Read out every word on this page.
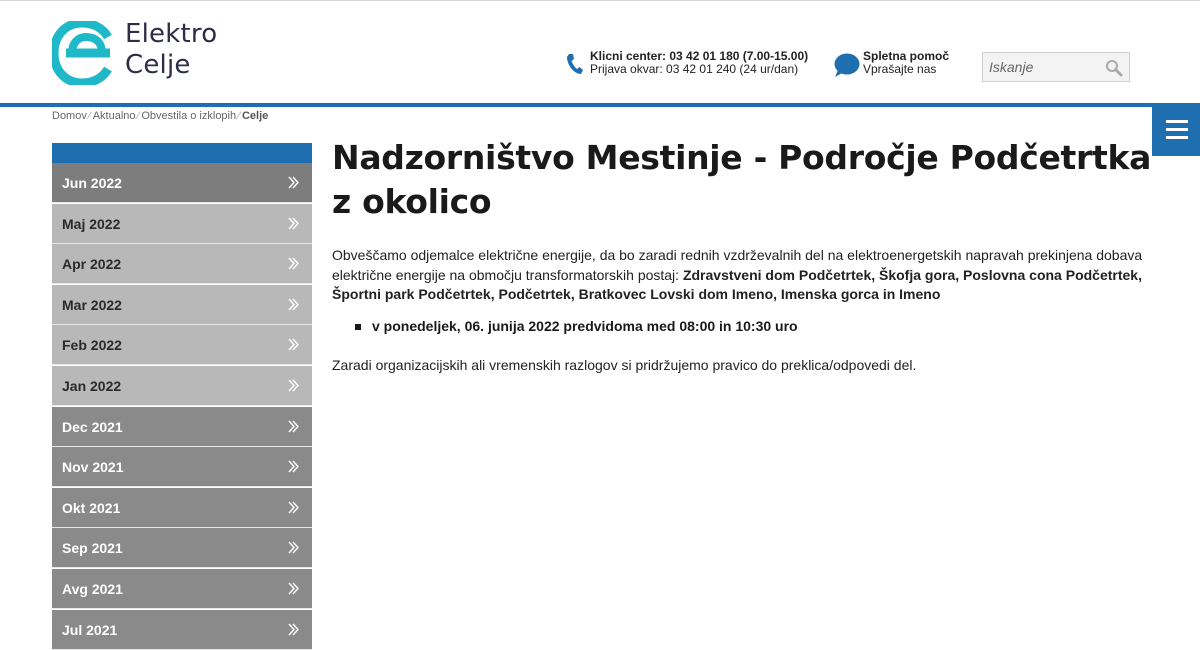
Elektro
Celje	Klicni center: 03 42 01 180 (7.00-15.00)
Prijava okvar: 03 42 01 240 (24 ur/dan)
Spletna pomoč
Vprašajte nas
Iskanje
Domov ⁄ Aktualno ⁄ Obvestila o izklopih ⁄ Celje
Jun 2022
Maj 2022
Apr 2022
Mar 2022
Feb 2022
Jan 2022
Dec 2021
Nov 2021
Okt 2021
Sep 2021
Avg 2021
Jul 2021
Nadzorništvo Mestinje - Področje Podčetrtka z okolico

Obveščamo odjemalce električne energije, da bo zaradi rednih vzdrževalnih del na elektroenergetskih napravah prekinjena dobava električne energije na območju transformatorskih postaj: Zdravstveni dom Podčetrtek, Škofja gora, Poslovna cona Podčetrtek, Športni park Podčetrtek, Podčetrtek, Bratkovec Lovski dom Imeno, Imenska gorca in Imeno

v ponedeljek, 06. junija 2022 predvidoma med 08:00 in 10:30 uro

Zaradi organizacijskih ali vremenskih razlogov si pridržujemo pravico do preklica/odpovedi del.
